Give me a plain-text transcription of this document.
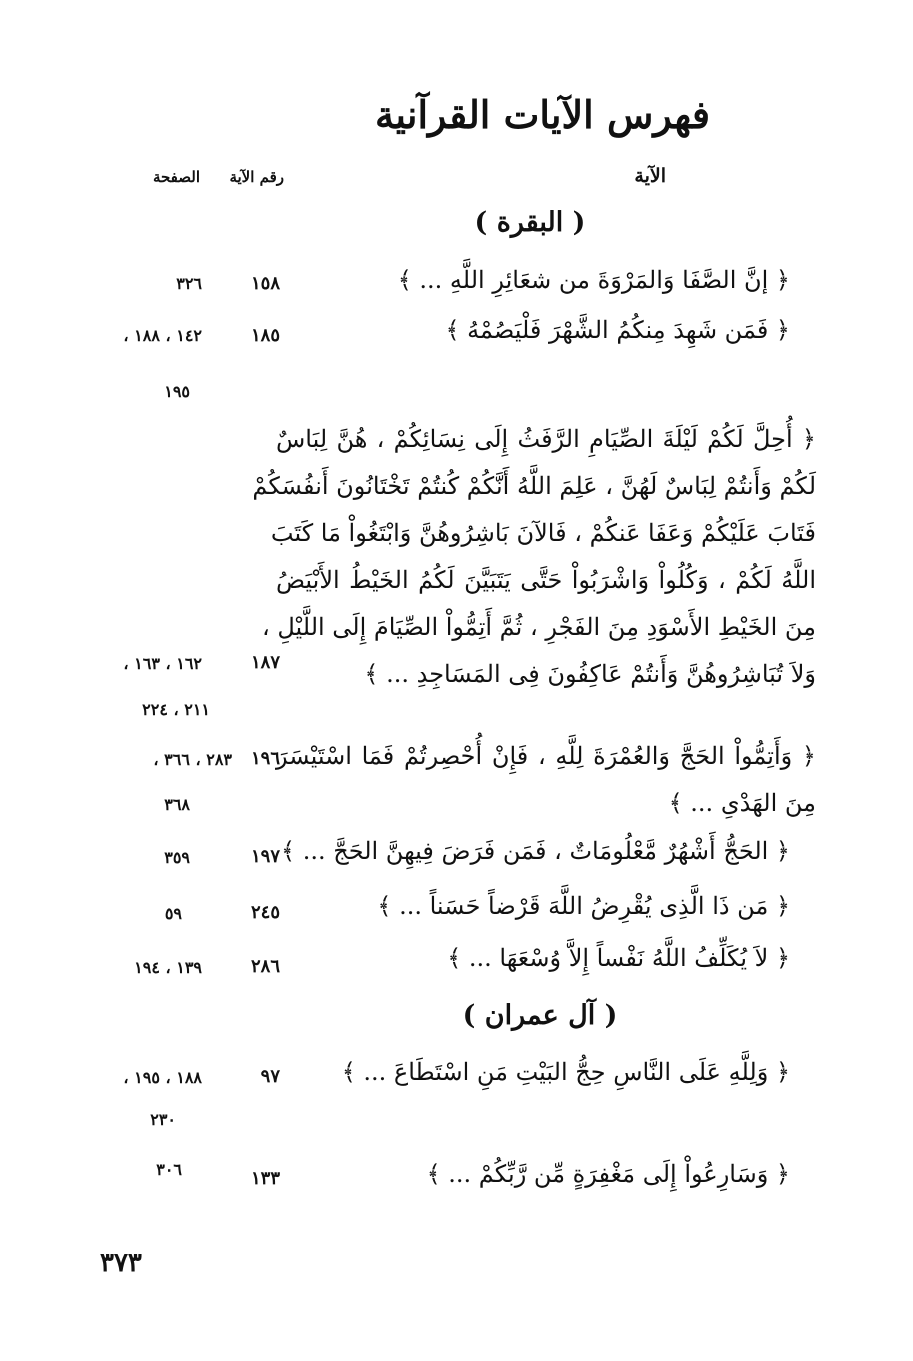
فهرس الآيات القرآنية
الآية
رقم الآية
الصفحة
( البقرة )
﴿ إنَّ الصَّفَا وَالمَرْوَةَ من شعَائِرِ اللَّهِ ... ﴾
١٥٨
٣٢٦
﴿ فَمَن شَهِدَ مِنكُمُ الشَّهْرَ فَلْيَصُمْهُ ﴾
١٨٥
١٤٢ ، ١٨٨ ،
١٩٥
﴿ أُحِلَّ لَكُمْ لَيْلَةَ الصِّيَامِ الرَّفَثُ إِلَى نِسَائِكُمْ ، هُنَّ لِبَاسٌ
لَكُمْ وَأَنتُمْ لِبَاسٌ لَهُنَّ ، عَلِمَ اللَّهُ أَنَّكُمْ كُنتُمْ تَخْتَانُونَ أَنفُسَكُمْ
فَتَابَ عَلَيْكُمْ وَعَفَا عَنكُمْ ، فَالآنَ بَاشِرُوهُنَّ وَابْتَغُواْ مَا كَتَبَ
اللَّهُ لَكُمْ ، وَكُلُواْ وَاشْرَبُواْ حَتَّى يَتَبَيَّنَ لَكُمُ الخَيْطُ الأَبْيَضُ
مِنَ الخَيْطِ الأَسْوَدِ مِنَ الفَجْرِ ، ثُمَّ أَتِمُّواْ الصِّيَامَ إِلَى اللَّيْلِ ،
وَلاَ تُبَاشِرُوهُنَّ وَأَنتُمْ عَاكِفُونَ فِى المَسَاجِدِ ... ﴾
١٨٧
١٦٢ ، ١٦٣ ،
٢١١ ، ٢٢٤
﴿ وَأَتِمُّواْ الحَجَّ وَالعُمْرَةَ لِلَّهِ ، فَإِنْ أُحْصِرتُمْ فَمَا اسْتَيْسَرَ
مِنَ الهَدْىِ ... ﴾
١٩٦
٢٨٣ ، ٣٦٦ ،
٣٦٨
﴿ الحَجُّ أَشْهُرٌ مَّعْلُومَاتٌ ، فَمَن فَرَضَ فِيهِنَّ الحَجَّ ... ﴾
١٩٧
٣٥٩
﴿ مَن ذَا الَّذِى يُقْرِضُ اللَّهَ قَرْضاً حَسَناً ... ﴾
٢٤٥
٥٩
﴿ لاَ يُكَلِّفُ اللَّهُ نَفْساً إِلاَّ وُسْعَهَا ... ﴾
٢٨٦
١٣٩ ، ١٩٤
( آل عمران )
﴿ وَلِلَّهِ عَلَى النَّاسِ حِجُّ البَيْتِ مَنِ اسْتَطَاعَ ... ﴾
٩٧
١٨٨ ، ١٩٥ ،
٢٣٠
﴿ وَسَارِعُواْ إِلَى مَغْفِرَةٍ مِّن رَّبِّكُمْ ... ﴾
١٣٣
٣٠٦
٣٧٣
